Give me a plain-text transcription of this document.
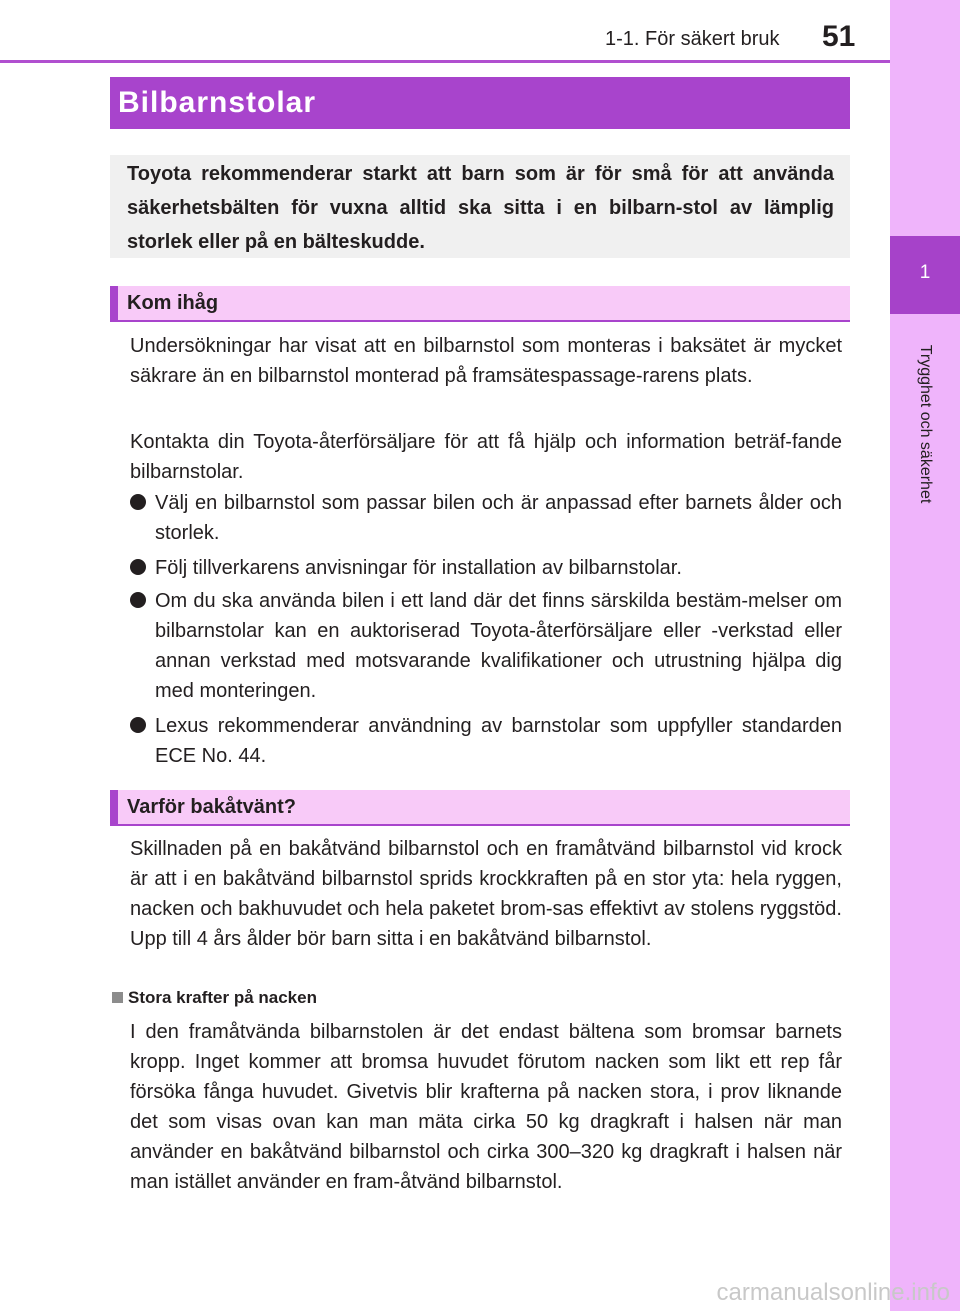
1
Trygghet och säkerhet
1-1. För säkert bruk 51
Bilbarnstolar
Toyota rekommenderar starkt att barn som är för små för att använda säkerhetsbälten för vuxna alltid ska sitta i en bilbarn-stol av lämplig storlek eller på en bälteskudde.
Kom ihåg

Undersökningar har visat att en bilbarnstol som monteras i baksätet är mycket säkrare än en bilbarnstol monterad på framsätespassage-rarens plats.

Kontakta din Toyota-återförsäljare för att få hjälp och information beträf-fande bilbarnstolar.

Välj en bilbarnstol som passar bilen och är anpassad efter barnets ålder och storlek.
Följ tillverkarens anvisningar för installation av bilbarnstolar.
Om du ska använda bilen i ett land där det finns särskilda bestäm-melser om bilbarnstolar kan en auktoriserad Toyota-återförsäljare eller -verkstad eller annan verkstad med motsvarande kvalifikationer och utrustning hjälpa dig med monteringen.
Lexus rekommenderar användning av barnstolar som uppfyller standarden ECE No. 44.
Varför bakåtvänt?

Skillnaden på en bakåtvänd bilbarnstol och en framåtvänd bilbarnstol vid krock är att i en bakåtvänd bilbarnstol sprids krockkraften på en stor yta: hela ryggen, nacken och bakhuvudet och hela paketet brom-sas effektivt av stolens ryggstöd. Upp till 4 års ålder bör barn sitta i en bakåtvänd bilbarnstol.

Stora krafter på nacken

I den framåtvända bilbarnstolen är det endast bältena som bromsar barnets kropp. Inget kommer att bromsa huvudet förutom nacken som likt ett rep får försöka fånga huvudet. Givetvis blir krafterna på nacken stora, i prov liknande det som visas ovan kan man mäta cirka 50 kg dragkraft i halsen när man använder en bakåtvänd bilbarnstol och cirka 300–320 kg dragkraft i halsen när man istället använder en fram-åtvänd bilbarnstol.

carmanualsonline.info
